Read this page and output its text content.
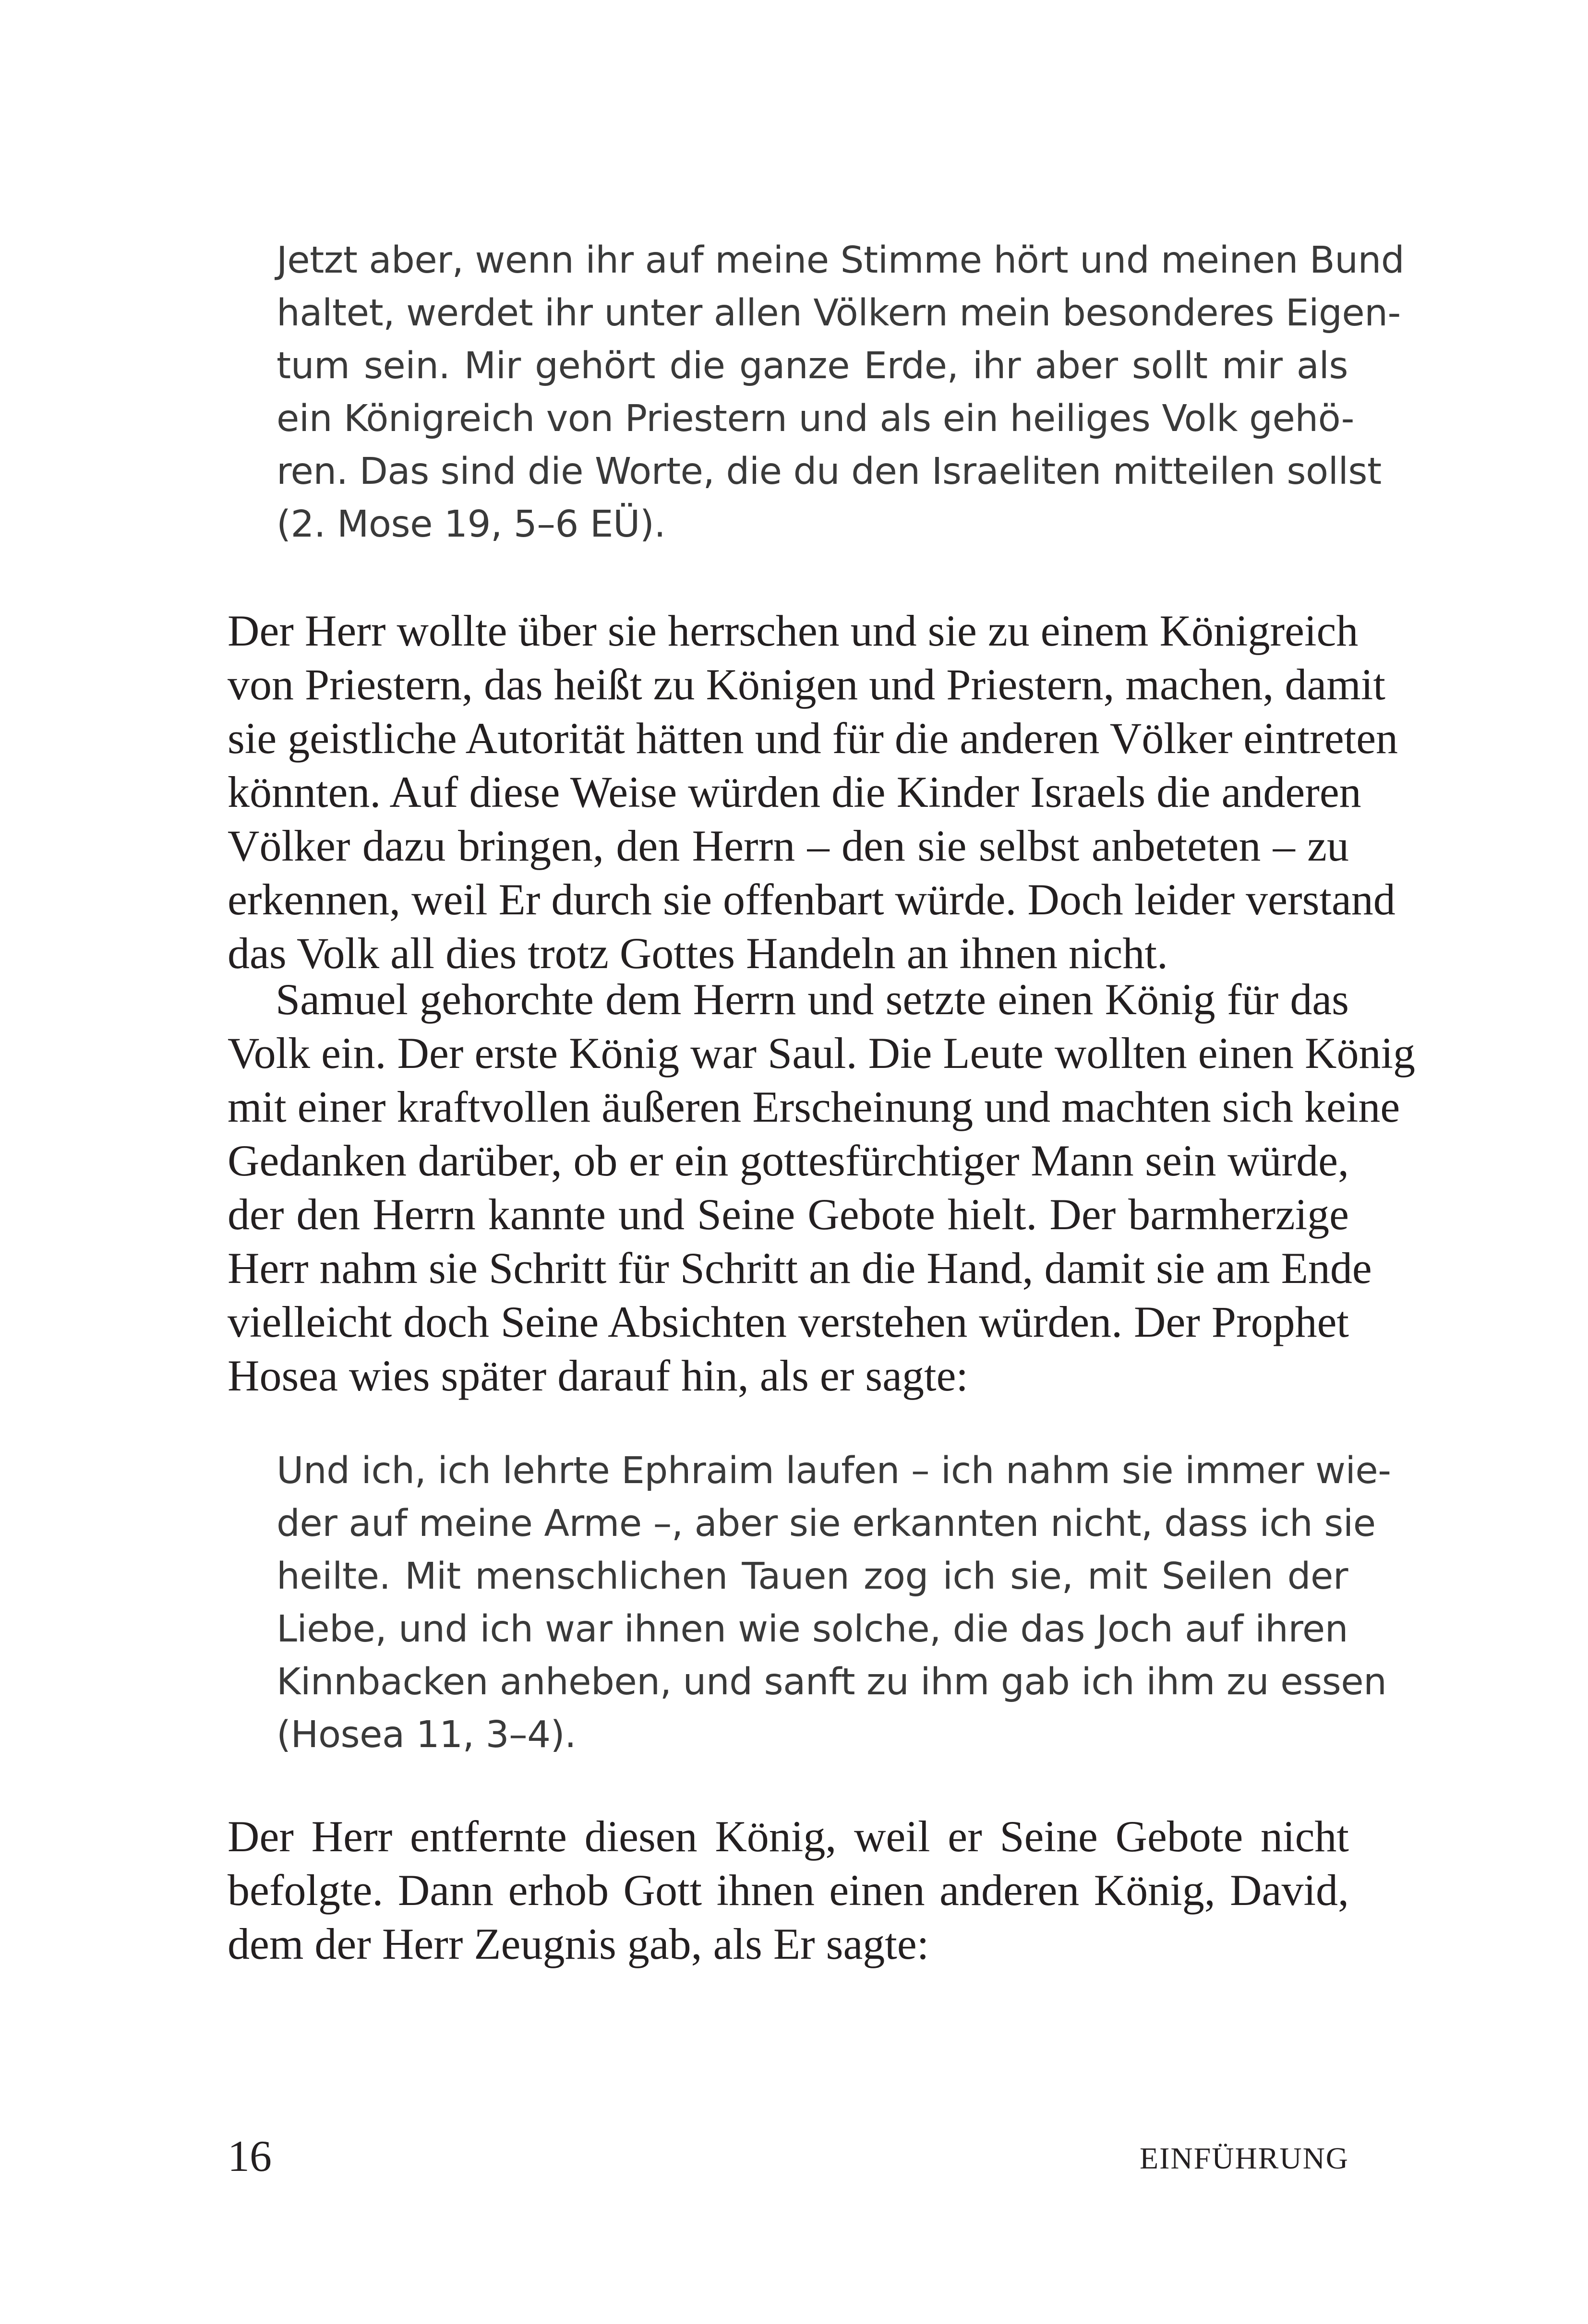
Jetzt aber, wenn ihr auf meine Stimme hört und meinen Bund
haltet, werdet ihr unter allen Völkern mein besonderes Eigen-
tum sein. Mir gehört die ganze Erde, ihr aber sollt mir als
ein Königreich von Priestern und als ein heiliges Volk gehö-
ren. Das sind die Worte, die du den Israeliten mitteilen sollst
(2. Mose 19, 5–6 EÜ).
Der Herr wollte über sie herrschen und sie zu einem Königreich
von Priestern, das heißt zu Königen und Priestern, machen, damit
sie geistliche Autorität hätten und für die anderen Völker eintreten
könnten. Auf diese Weise würden die Kinder Israels die anderen
Völker dazu bringen, den Herrn – den sie selbst anbeteten – zu
erkennen, weil Er durch sie offenbart würde. Doch leider verstand
das Volk all dies trotz Gottes Handeln an ihnen nicht.
Samuel gehorchte dem Herrn und setzte einen König für das
Volk ein. Der erste König war Saul. Die Leute wollten einen König
mit einer kraftvollen äußeren Erscheinung und machten sich keine
Gedanken darüber, ob er ein gottesfürchtiger Mann sein würde,
der den Herrn kannte und Seine Gebote hielt. Der barmherzige
Herr nahm sie Schritt für Schritt an die Hand, damit sie am Ende
vielleicht doch Seine Absichten verstehen würden. Der Prophet
Hosea wies später darauf hin, als er sagte:
Und ich, ich lehrte Ephraim laufen – ich nahm sie immer wie-
der auf meine Arme –, aber sie erkannten nicht, dass ich sie
heilte. Mit menschlichen Tauen zog ich sie, mit Seilen der
Liebe, und ich war ihnen wie solche, die das Joch auf ihren
Kinnbacken anheben, und sanft zu ihm gab ich ihm zu essen
(Hosea 11, 3–4).
Der Herr entfernte diesen König, weil er Seine Gebote nicht
befolgte. Dann erhob Gott ihnen einen anderen König, David,
dem der Herr Zeugnis gab, als Er sagte:
16	EINFÜHRUNG
